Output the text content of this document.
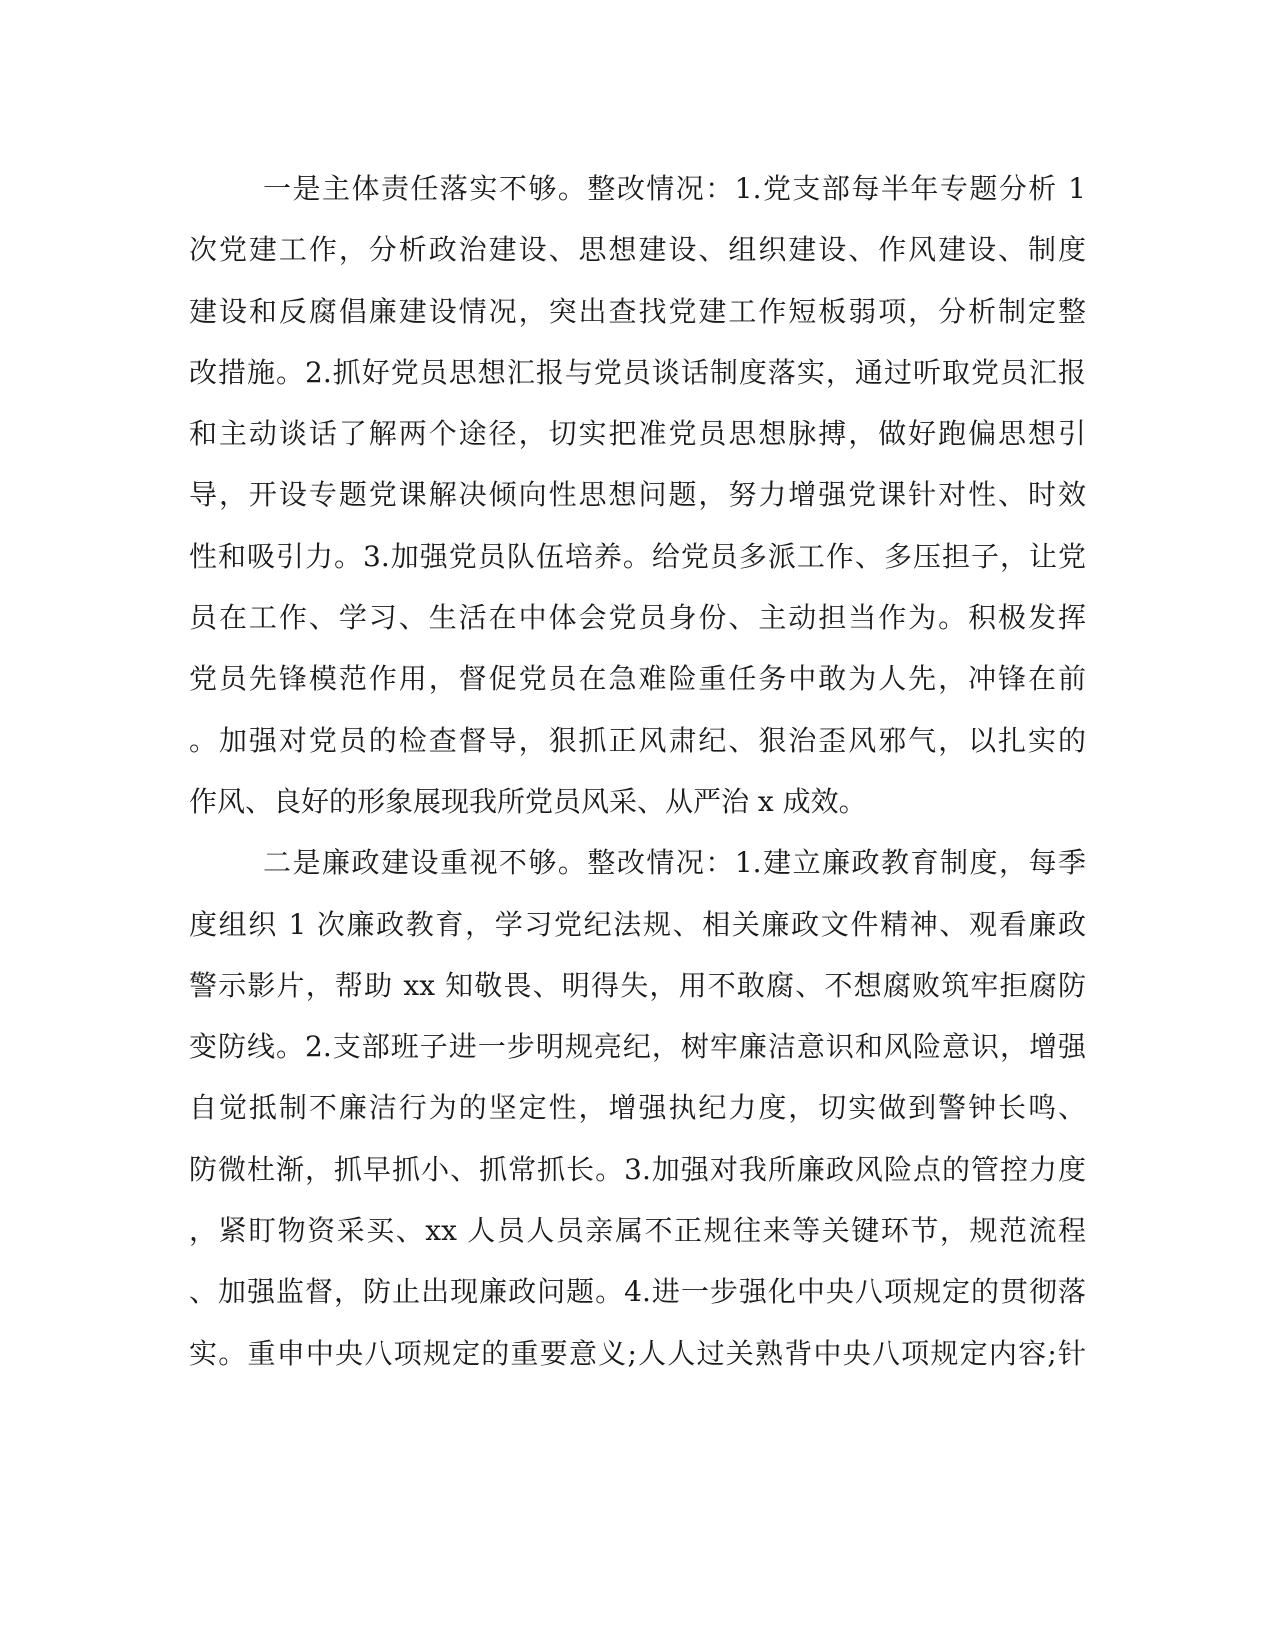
一是主体责任落实不够。整改情况：1.党支部每半年专题分析 1
次党建工作，分析政治建设、思想建设、组织建设、作风建设、制度
建设和反腐倡廉建设情况，突出查找党建工作短板弱项，分析制定整
改措施。2.抓好党员思想汇报与党员谈话制度落实，通过听取党员汇报
和主动谈话了解两个途径，切实把准党员思想脉搏，做好跑偏思想引
导，开设专题党课解决倾向性思想问题，努力增强党课针对性、时效
性和吸引力。3.加强党员队伍培养。给党员多派工作、多压担子，让党
员在工作、学习、生活在中体会党员身份、主动担当作为。积极发挥
党员先锋模范作用，督促党员在急难险重任务中敢为人先，冲锋在前
。加强对党员的检查督导，狠抓正风肃纪、狠治歪风邪气，以扎实的
作风、良好的形象展现我所党员风采、从严治 x 成效。
二是廉政建设重视不够。整改情况：1.建立廉政教育制度，每季
度组织 1 次廉政教育，学习党纪法规、相关廉政文件精神、观看廉政
警示影片，帮助 xx 知敬畏、明得失，用不敢腐、不想腐败筑牢拒腐防
变防线。2.支部班子进一步明规亮纪，树牢廉洁意识和风险意识，增强
自觉抵制不廉洁行为的坚定性，增强执纪力度，切实做到警钟长鸣、
防微杜渐，抓早抓小、抓常抓长。3.加强对我所廉政风险点的管控力度
，紧盯物资采买、xx 人员人员亲属不正规往来等关键环节，规范流程
、加强监督，防止出现廉政问题。4.进一步强化中央八项规定的贯彻落
实。重申中央八项规定的重要意义;人人过关熟背中央八项规定内容;针
